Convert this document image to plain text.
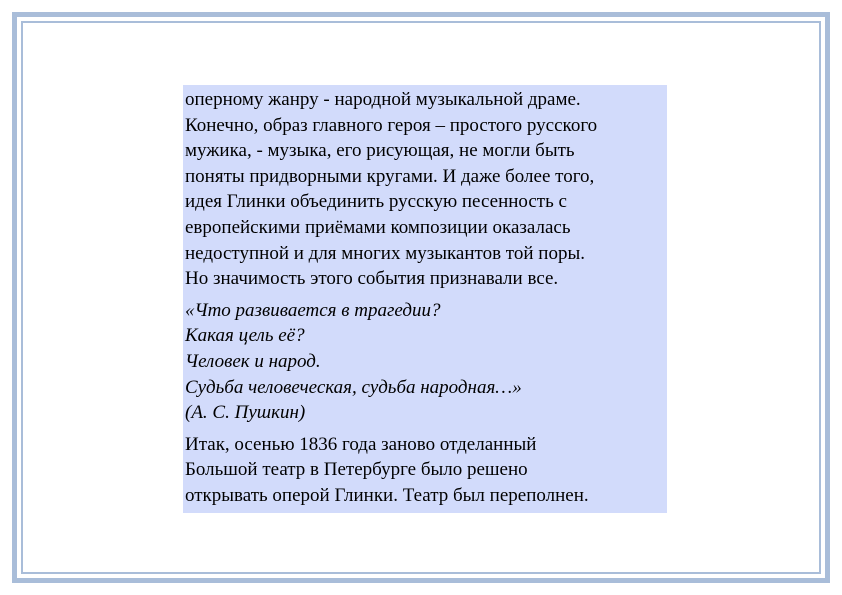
оперному жанру - народной музыкальной драме.
Конечно, образ главного героя – простого русского
мужика, - музыка, его рисующая, не могли быть
поняты придворными кругами. И даже более того,
идея Глинки объединить русскую песенность с
европейскими приёмами композиции оказалась
недоступной и для многих музыкантов той поры.
Но значимость этого события признавали все.

«Что развивается в трагедии?
Какая цель её?
Человек и народ.
Судьба человеческая, судьба народная…»
(А. С. Пушкин)

Итак, осенью 1836 года заново отделанный
Большой театр в Петербурге было решено
открывать оперой Глинки. Театр был переполнен.
